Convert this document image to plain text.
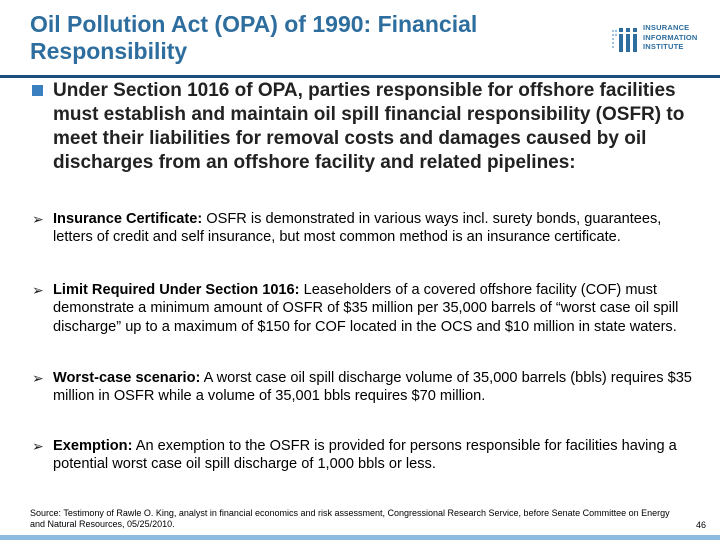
Oil Pollution Act (OPA) of 1990: Financial Responsibility
INSURANCE
INFORMATION
INSTITUTE
Under Section 1016 of OPA, parties responsible for offshore facilities must establish and maintain oil spill financial responsibility (OSFR) to meet their liabilities for removal costs and damages caused by oil discharges from an offshore facility and related pipelines:
➢ Insurance Certificate: OSFR is demonstrated in various ways incl. surety bonds, guarantees, letters of credit and self insurance, but most common method is an insurance certificate.
➢ Limit Required Under Section 1016: Leaseholders of a covered offshore facility (COF) must demonstrate a minimum amount of OSFR of $35 million per 35,000 barrels of “worst case oil spill discharge” up to a maximum of $150 for COF located in the OCS and $10 million in state waters.
➢ Worst-case scenario: A worst case oil spill discharge volume of 35,000 barrels (bbls) requires $35 million in OSFR while a volume of 35,001 bbls requires $70 million.
➢ Exemption: An exemption to the OSFR is provided for persons responsible for facilities having a potential worst case oil spill discharge of 1,000 bbls or less.
Source: Testimony of Rawle O. King, analyst in financial economics and risk assessment, Congressional Research Service, before Senate Committee on Energy and Natural Resources, 05/25/2010.	46
